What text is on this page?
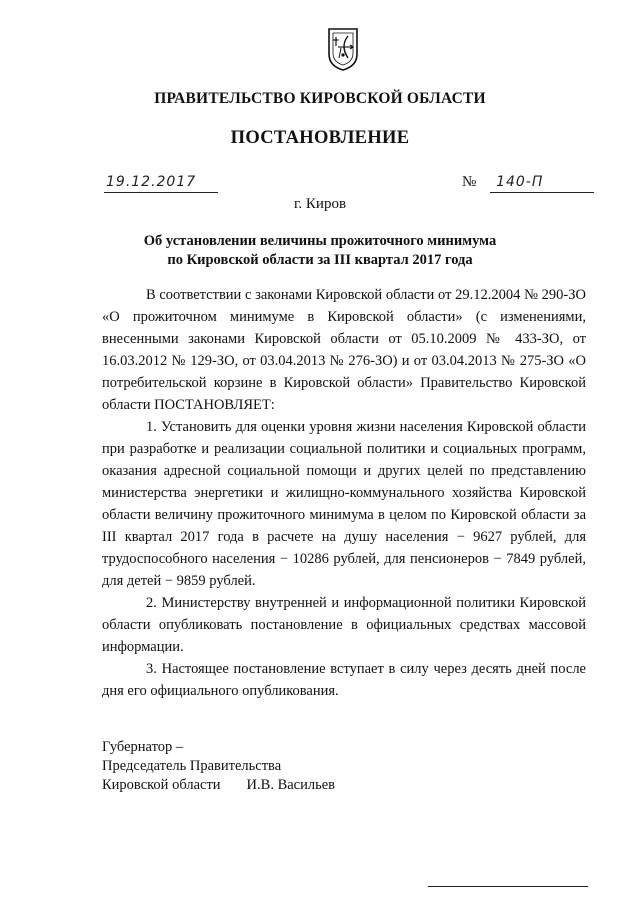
ПРАВИТЕЛЬСТВО КИРОВСКОЙ ОБЛАСТИ
ПОСТАНОВЛЕНИЕ
19.12.2017	№ 140-П
г. Киров
Об установлении величины прожиточного минимума
по Кировской области за III квартал 2017 года

В соответствии с законами Кировской области от 29.12.2004 № 290-ЗО «О прожиточном минимуме в Кировской области» (с изменениями, внесенными законами Кировской области от 05.10.2009 № 433-ЗО, от 16.03.2012 № 129-ЗО, от 03.04.2013 № 276-ЗО) и от 03.04.2013 № 275-ЗО «О потребительской корзине в Кировской области» Правительство Кировской области ПОСТАНОВЛЯЕТ:

1. Установить для оценки уровня жизни населения Кировской области при разработке и реализации социальной политики и социальных программ, оказания адресной социальной помощи и других целей по представлению министерства энергетики и жилищно-коммунального хозяйства Кировской области величину прожиточного минимума в целом по Кировской области за III квартал 2017 года в расчете на душу населения − 9627 рублей, для трудоспособного населения − 10286 рублей, для пенсионеров − 7849 рублей, для детей − 9859 рублей.

2. Министерству внутренней и информационной политики Кировской области опубликовать постановление в официальных средствах массовой информации.

3. Настоящее постановление вступает в силу через десять дней после дня его официального опубликования.

Губернатор –
Председатель Правительства
Кировской области И.В. Васильев
